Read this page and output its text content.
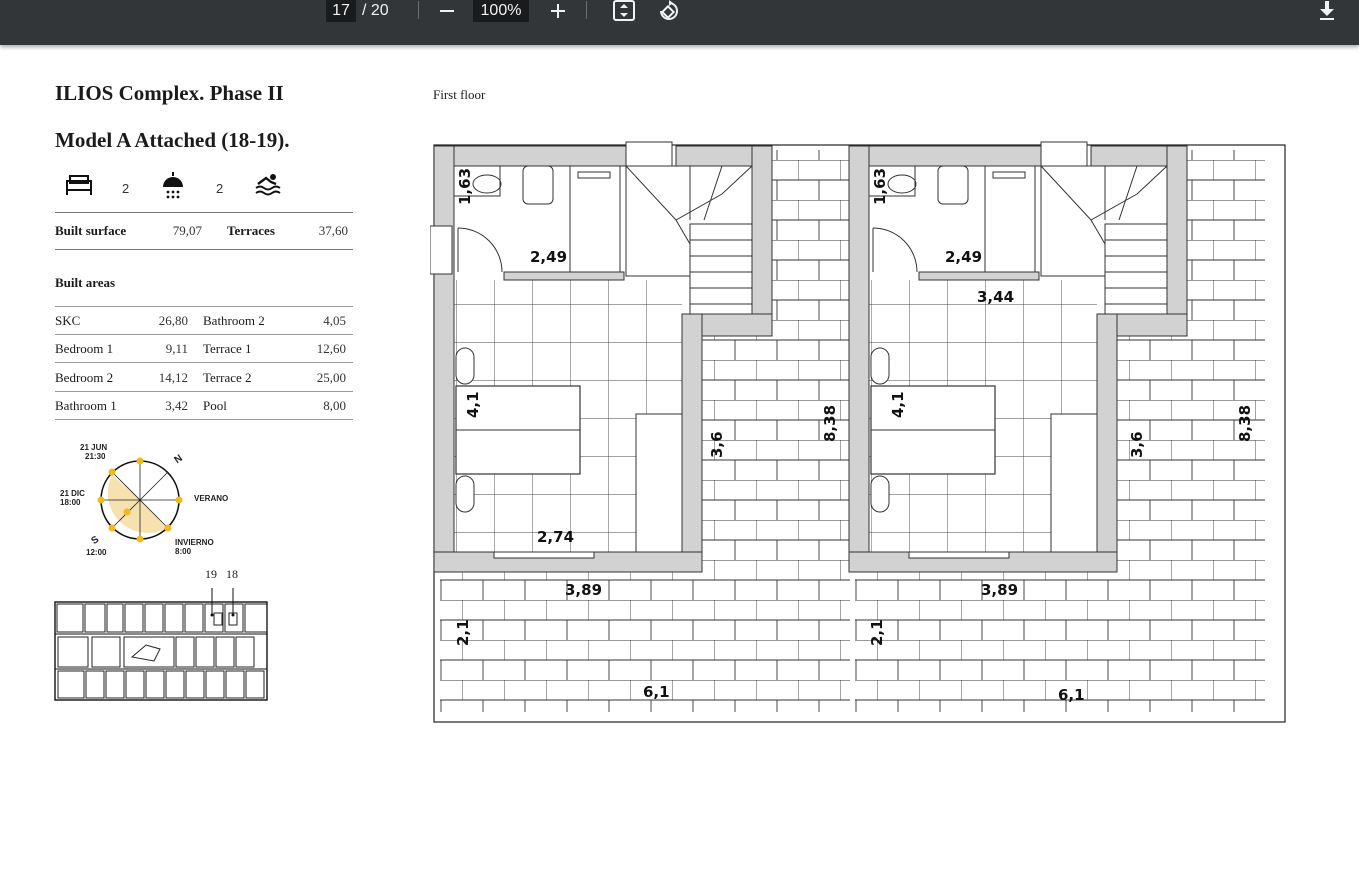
17 / 20	100%
ILIOS Complex. Phase II
Model A Attached (18-19).
2	2
Built surface	79,07 Terraces	37,60
Built areas
SKC	26,80 Bathroom 2	4,05
Bedroom 1	9,11 Terrace 1	12,60
Bedroom 2	14,12 Terrace 2	25,00
Bathroom 1	3,42 Pool	8,00
21 JUN
21:30
21 DIC
18:00
N
VERANO
S
12:00
INVIERNO
8:00
19 18
First floor
1,63
2,49
4,1
2,74
3,6
8,38
3,89
2,1
6,1
1,63
2,49
3,44
4,1
3,6
8,38
3,89
2,1
6,1
